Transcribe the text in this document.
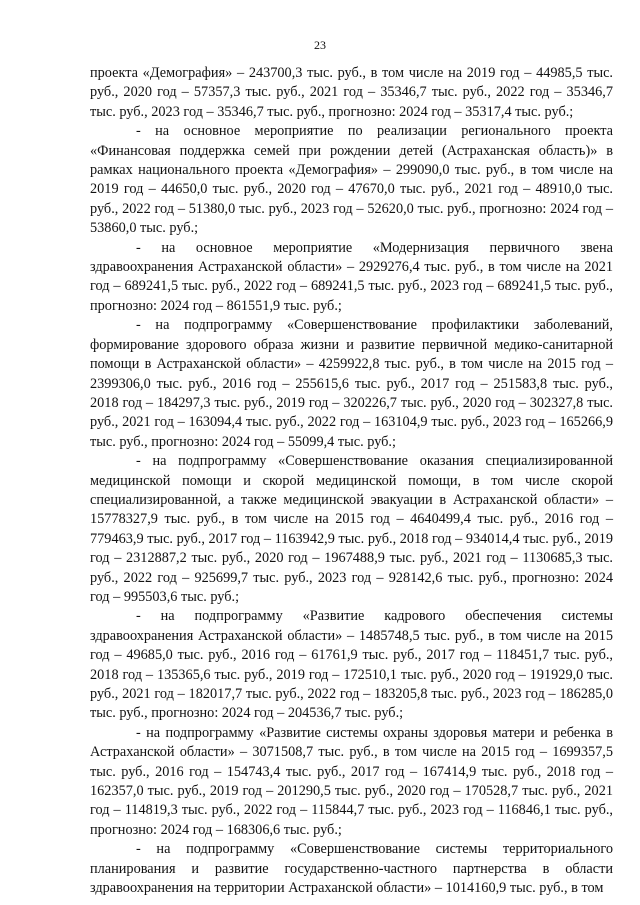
23

проекта «Демография» – 243700,3 тыс. руб., в том числе на 2019 год – 44985,5 тыс. руб., 2020 год – 57357,3 тыс. руб., 2021 год – 35346,7 тыс. руб., 2022 год – 35346,7 тыс. руб., 2023 год – 35346,7 тыс. руб., прогнозно: 2024 год – 35317,4 тыс. руб.;

- на основное мероприятие по реализации регионального проекта «Финансовая поддержка семей при рождении детей (Астраханская область)» в рамках национального проекта «Демография» – 299090,0 тыс. руб., в том числе на 2019 год – 44650,0 тыс. руб., 2020 год – 47670,0 тыс. руб., 2021 год – 48910,0 тыс. руб., 2022 год – 51380,0 тыс. руб., 2023 год – 52620,0 тыс. руб., прогнозно: 2024 год – 53860,0 тыс. руб.;

- на основное мероприятие «Модернизация первичного звена здравоохранения Астраханской области» – 2929276,4 тыс. руб., в том числе на 2021 год – 689241,5 тыс. руб., 2022 год – 689241,5 тыс. руб., 2023 год – 689241,5 тыс. руб., прогнозно: 2024 год – 861551,9 тыс. руб.;

- на подпрограмму «Совершенствование профилактики заболеваний, формирование здорового образа жизни и развитие первичной медико-санитарной помощи в Астраханской области» – 4259922,8 тыс. руб., в том числе на 2015 год – 2399306,0 тыс. руб., 2016 год – 255615,6 тыс. руб., 2017 год – 251583,8 тыс. руб., 2018 год – 184297,3 тыс. руб., 2019 год – 320226,7 тыс. руб., 2020 год – 302327,8 тыс. руб., 2021 год – 163094,4 тыс. руб., 2022 год – 163104,9 тыс. руб., 2023 год – 165266,9 тыс. руб., прогнозно: 2024 год – 55099,4 тыс. руб.;

- на подпрограмму «Совершенствование оказания специализированной медицинской помощи и скорой медицинской помощи, в том числе скорой специализированной, а также медицинской эвакуации в Астраханской области» – 15778327,9 тыс. руб., в том числе на 2015 год – 4640499,4 тыс. руб., 2016 год – 779463,9 тыс. руб., 2017 год – 1163942,9 тыс. руб., 2018 год – 934014,4 тыс. руб., 2019 год – 2312887,2 тыс. руб., 2020 год – 1967488,9 тыс. руб., 2021 год – 1130685,3 тыс. руб., 2022 год – 925699,7 тыс. руб., 2023 год – 928142,6 тыс. руб., прогнозно: 2024 год – 995503,6 тыс. руб.;

- на подпрограмму «Развитие кадрового обеспечения системы здравоохранения Астраханской области» – 1485748,5 тыс. руб., в том числе на 2015 год – 49685,0 тыс. руб., 2016 год – 61761,9 тыс. руб., 2017 год – 118451,7 тыс. руб., 2018 год – 135365,6 тыс. руб., 2019 год – 172510,1 тыс. руб., 2020 год – 191929,0 тыс. руб., 2021 год – 182017,7 тыс. руб., 2022 год – 183205,8 тыс. руб., 2023 год – 186285,0 тыс. руб., прогнозно: 2024 год – 204536,7 тыс. руб.;

- на подпрограмму «Развитие системы охраны здоровья матери и ребенка в Астраханской области» – 3071508,7 тыс. руб., в том числе на 2015 год – 1699357,5 тыс. руб., 2016 год – 154743,4 тыс. руб., 2017 год – 167414,9 тыс. руб., 2018 год – 162357,0 тыс. руб., 2019 год – 201290,5 тыс. руб., 2020 год – 170528,7 тыс. руб., 2021 год – 114819,3 тыс. руб., 2022 год – 115844,7 тыс. руб., 2023 год – 116846,1 тыс. руб., прогнозно: 2024 год – 168306,6 тыс. руб.;

- на подпрограмму «Совершенствование системы территориального планирования и развитие государственно-частного партнерства в области здравоохранения на территории Астраханской области» – 1014160,9 тыс. руб., в том
